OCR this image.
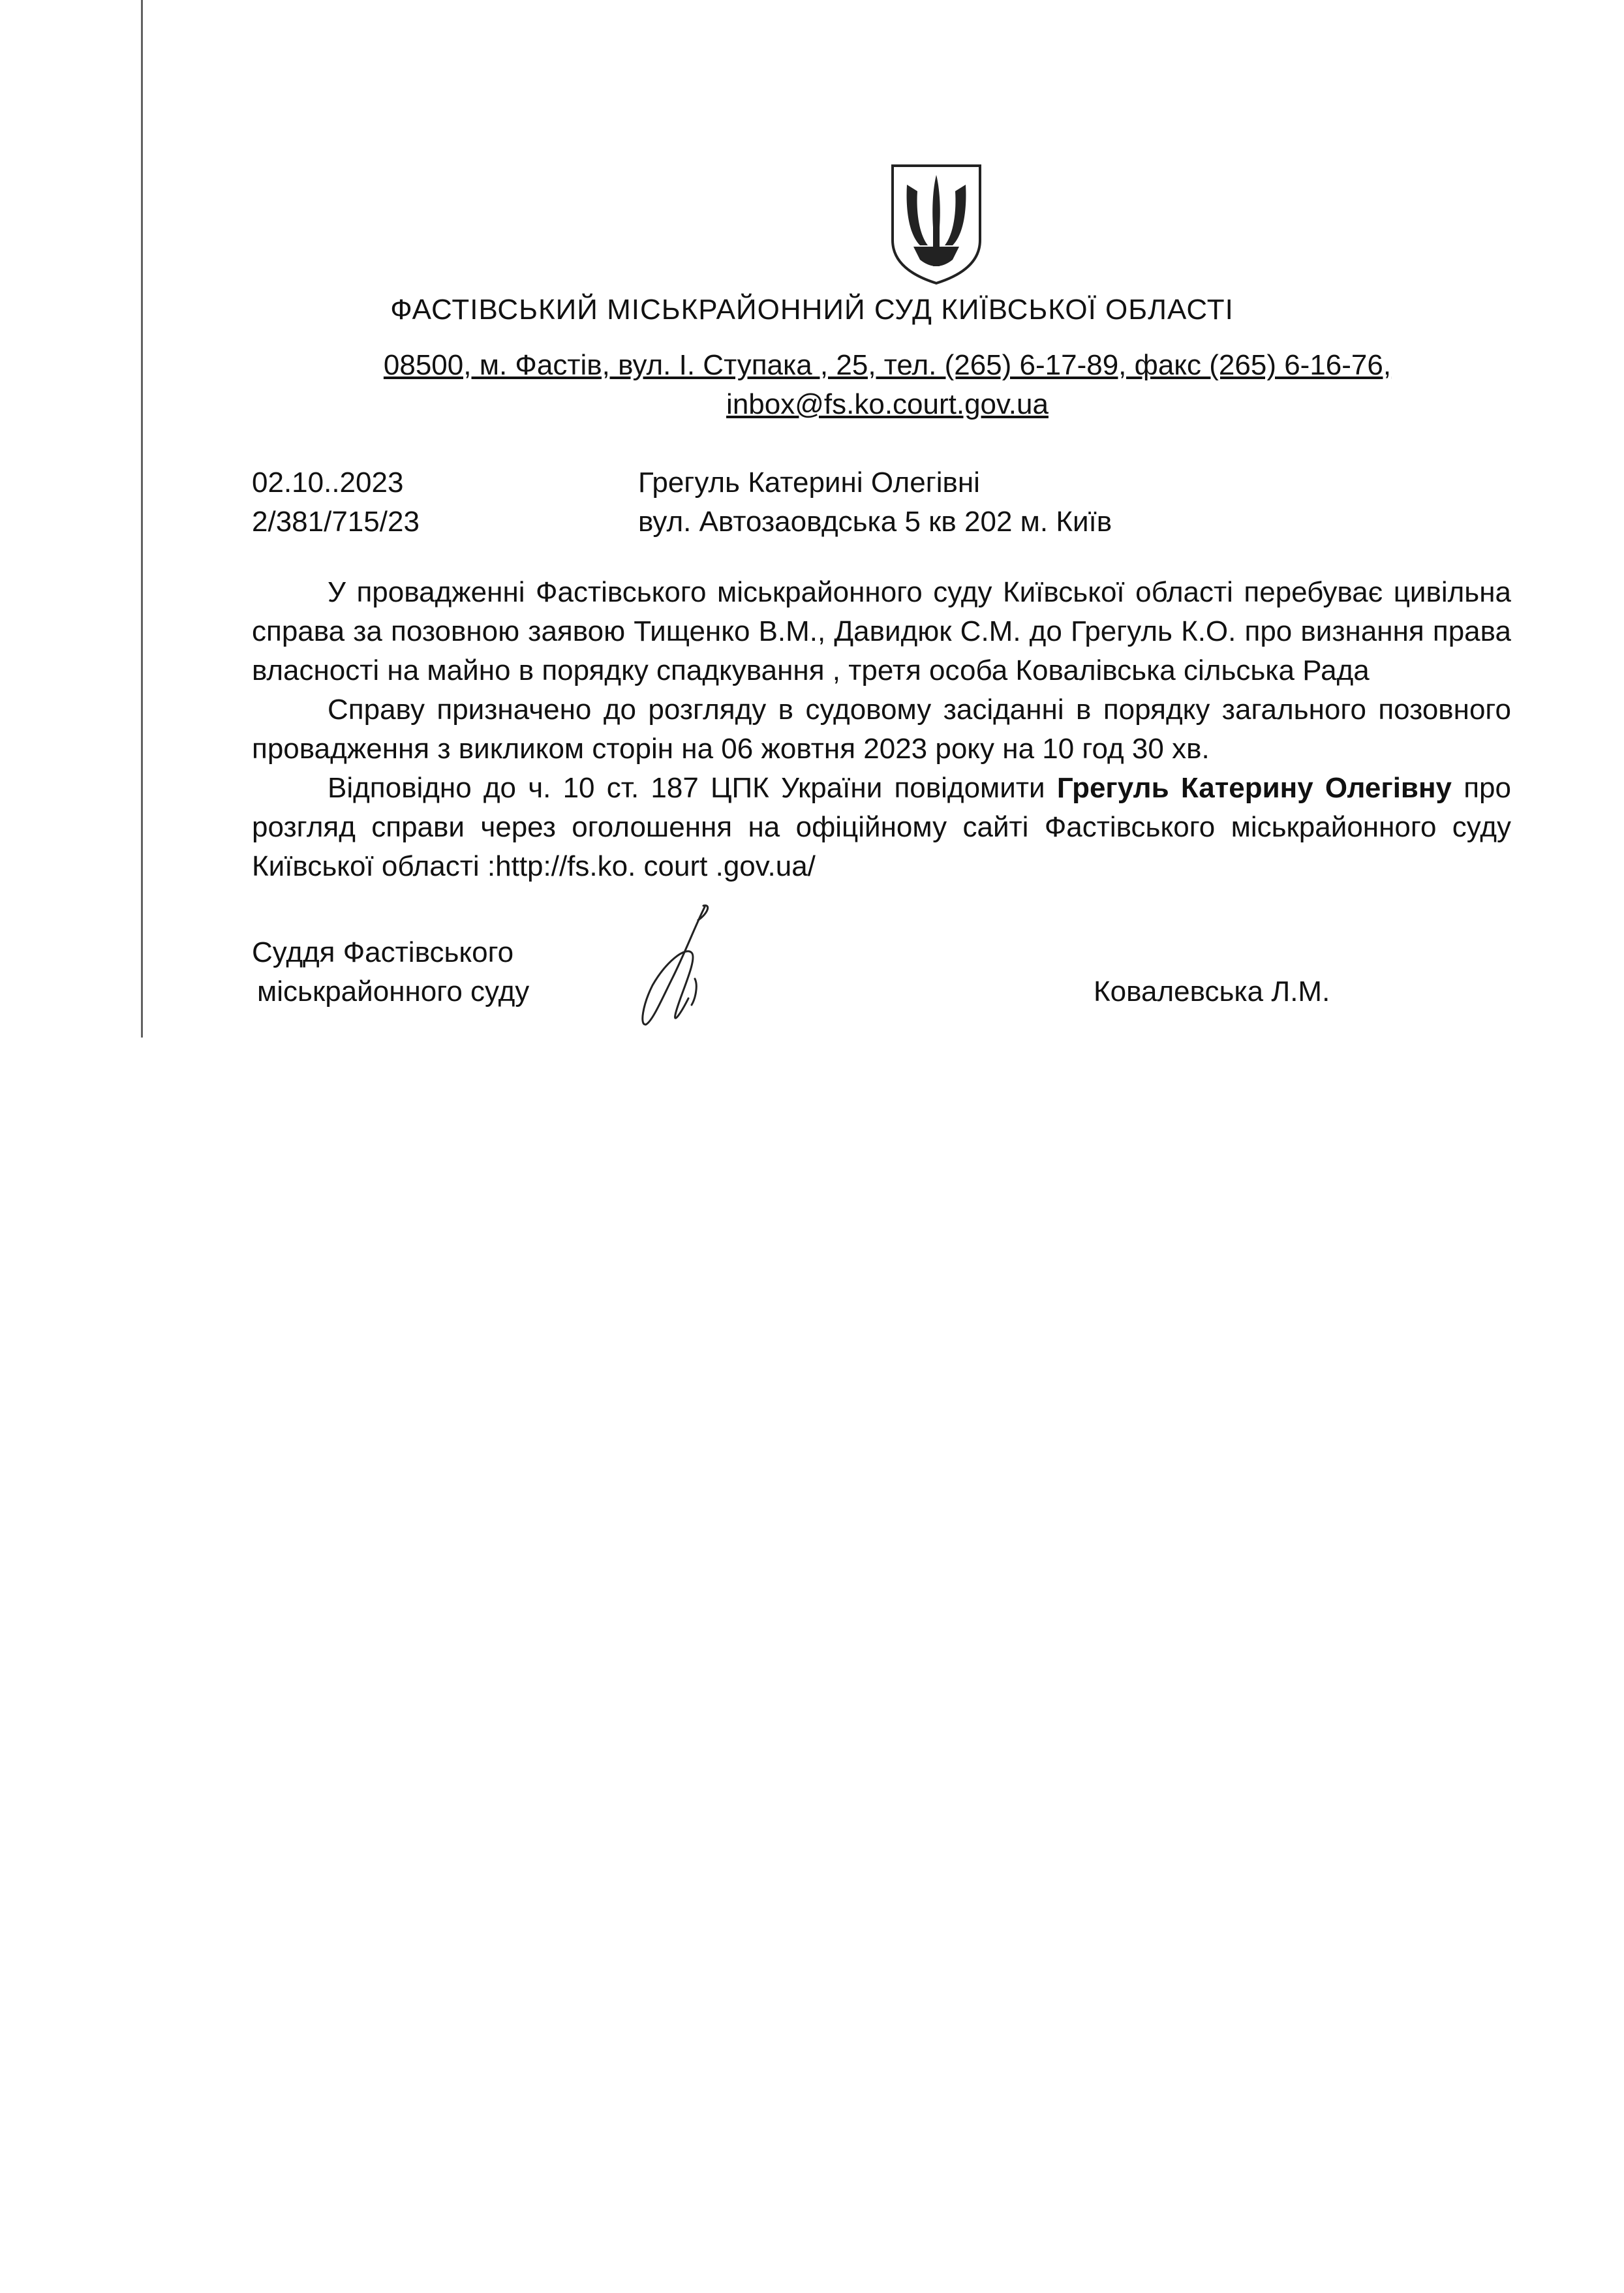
ФАСТІВСЬКИЙ МІСЬКРАЙОННИЙ СУД КИЇВСЬКОЇ ОБЛАСТІ
08500, м. Фастів, вул. І. Ступака , 25, тел. (265) 6-17-89, факс (265) 6-16-76,
inbox@fs.ko.court.gov.ua
02.10..2023
2/381/715/23
Грегуль Катерині Олегівні
вул. Автозаовдська 5 кв 202 м. Київ

У провадженні Фастівського міськрайонного суду Київської області перебуває цивільна справа за позовною заявою Тищенко В.М., Давидюк С.М. до Грегуль К.О. про визнання права власності на майно в порядку спадкування , третя особа Ковалівська сільська Рада

Справу призначено до розгляду в судовому засіданні в порядку загального позовного провадження з викликом сторін на 06 жовтня 2023 року на 10 год 30 хв.

Відповідно до ч. 10 ст. 187 ЦПК України повідомити Грегуль Катерину Олегівну про розгляд справи через оголошення на офіційному сайті Фастівського міськрайонного суду Київської області :http://fs.ko. court .gov.ua/

Суддя Фастівського
міськрайонного суду	Ковалевська Л.М.
